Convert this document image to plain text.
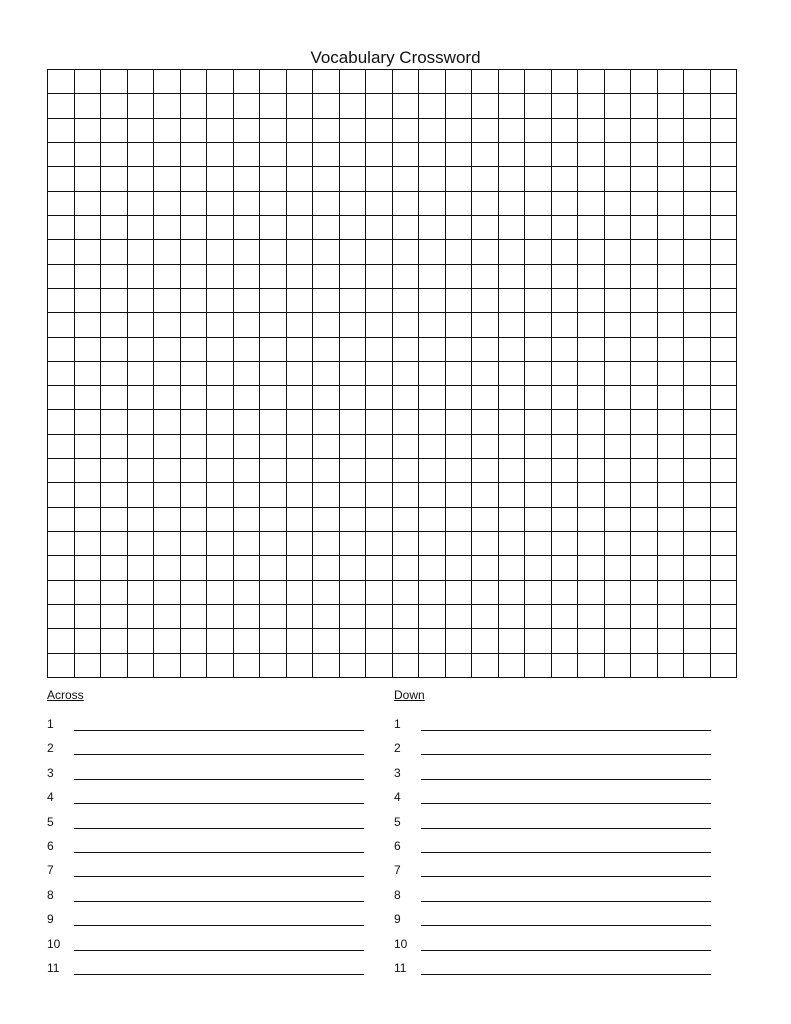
Vocabulary Crossword
Across
1
2
3
4
5
6
7
8
9
10
11
Down
1
2
3
4
5
6
7
8
9
10
11
